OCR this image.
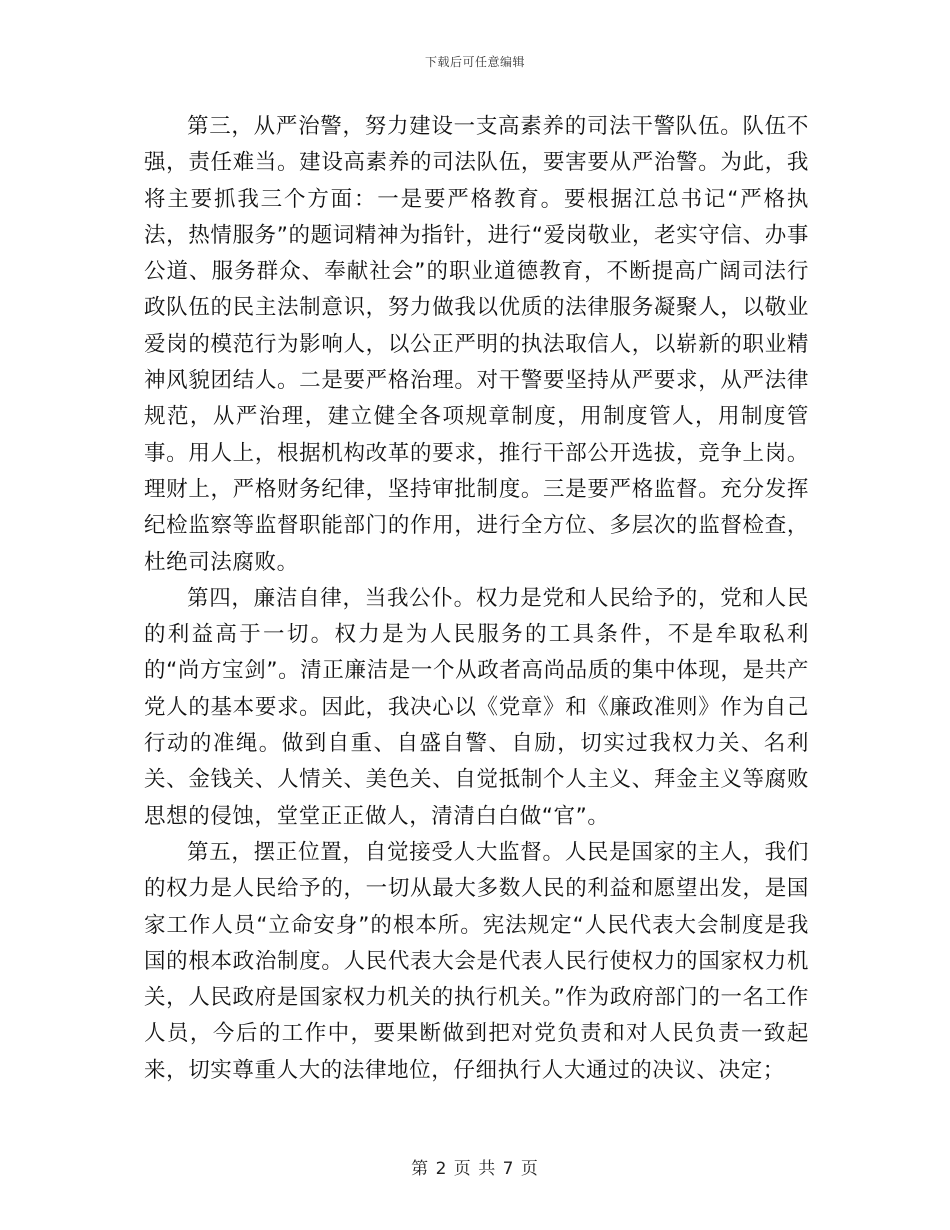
下载后可任意编辑

第三，从严治警，努力建设一支高素养的司法干警队伍。队伍不强，责任难当。建设高素养的司法队伍，要害要从严治警。为此，我将主要抓我三个方面：一是要严格教育。要根据江总书记“严格执法，热情服务”的题词精神为指针，进行“爱岗敬业，老实守信、办事公道、服务群众、奉献社会”的职业道德教育，不断提高广阔司法行政队伍的民主法制意识，努力做我以优质的法律服务凝聚人，以敬业爱岗的模范行为影响人，以公正严明的执法取信人，以崭新的职业精神风貌团结人。二是要严格治理。对干警要坚持从严要求，从严法律规范，从严治理，建立健全各项规章制度，用制度管人，用制度管事。用人上，根据机构改革的要求，推行干部公开选拔，竞争上岗。理财上，严格财务纪律，坚持审批制度。三是要严格监督。充分发挥纪检监察等监督职能部门的作用，进行全方位、多层次的监督检查，杜绝司法腐败。

第四，廉洁自律，当我公仆。权力是党和人民给予的，党和人民的利益高于一切。权力是为人民服务的工具条件，不是牟取私利的“尚方宝剑”。清正廉洁是一个从政者高尚品质的集中体现，是共产党人的基本要求。因此，我决心以《党章》和《廉政准则》作为自己行动的准绳。做到自重、自盛自警、自励，切实过我权力关、名利关、金钱关、人情关、美色关、自觉抵制个人主义、拜金主义等腐败思想的侵蚀，堂堂正正做人，清清白白做“官”。

第五，摆正位置，自觉接受人大监督。人民是国家的主人，我们的权力是人民给予的，一切从最大多数人民的利益和愿望出发，是国家工作人员“立命安身”的根本所。宪法规定“人民代表大会制度是我国的根本政治制度。人民代表大会是代表人民行使权力的国家权力机关，人民政府是国家权力机关的执行机关。”作为政府部门的一名工作人员，今后的工作中，要果断做到把对党负责和对人民负责一致起来，切实尊重人大的法律地位，仔细执行人大通过的决议、决定；

第 2 页 共 7 页
